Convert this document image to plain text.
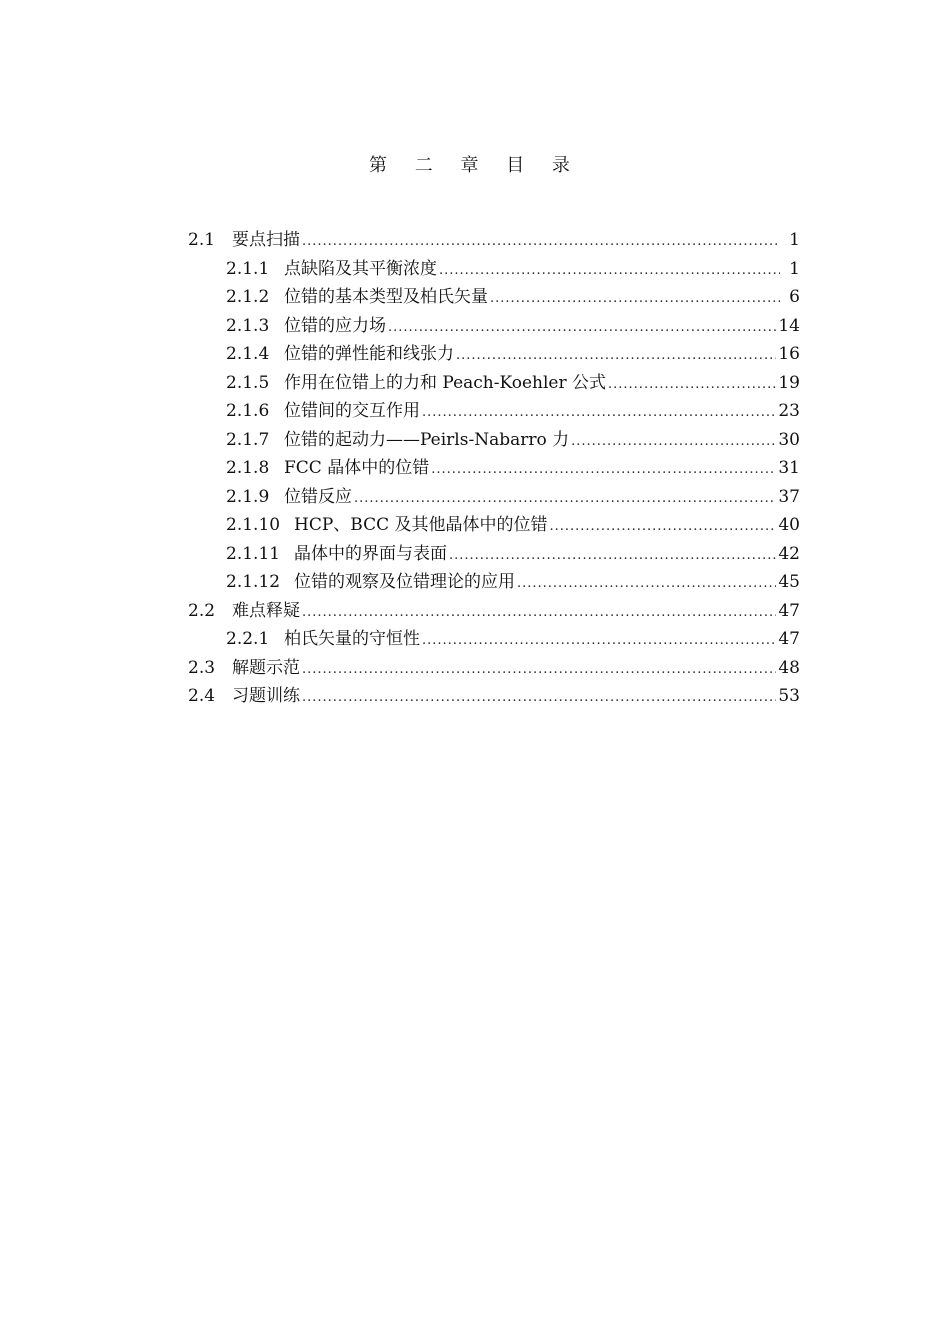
第 二 章 目 录
2.1 要点扫描 .....	1
2.1.1 点缺陷及其平衡浓度 .....	1
2.1.2 位错的基本类型及柏氏矢量 .....	6
2.1.3 位错的应力场 .....	14
2.1.4 位错的弹性能和线张力 .....	16
2.1.5 作用在位错上的力和 Peach-Koehler 公式 .....	19
2.1.6 位错间的交互作用 .....	23
2.1.7 位错的起动力——Peirls-Nabarro 力 .....	30
2.1.8 FCC 晶体中的位错 .....	31
2.1.9 位错反应 .....	37
2.1.10 HCP、BCC 及其他晶体中的位错 .....	40
2.1.11 晶体中的界面与表面 .....	42
2.1.12 位错的观察及位错理论的应用 .....	45
2.2 难点释疑 .....	47
2.2.1 柏氏矢量的守恒性 .....	47
2.3 解题示范 .....	48
2.4 习题训练 .....	53
